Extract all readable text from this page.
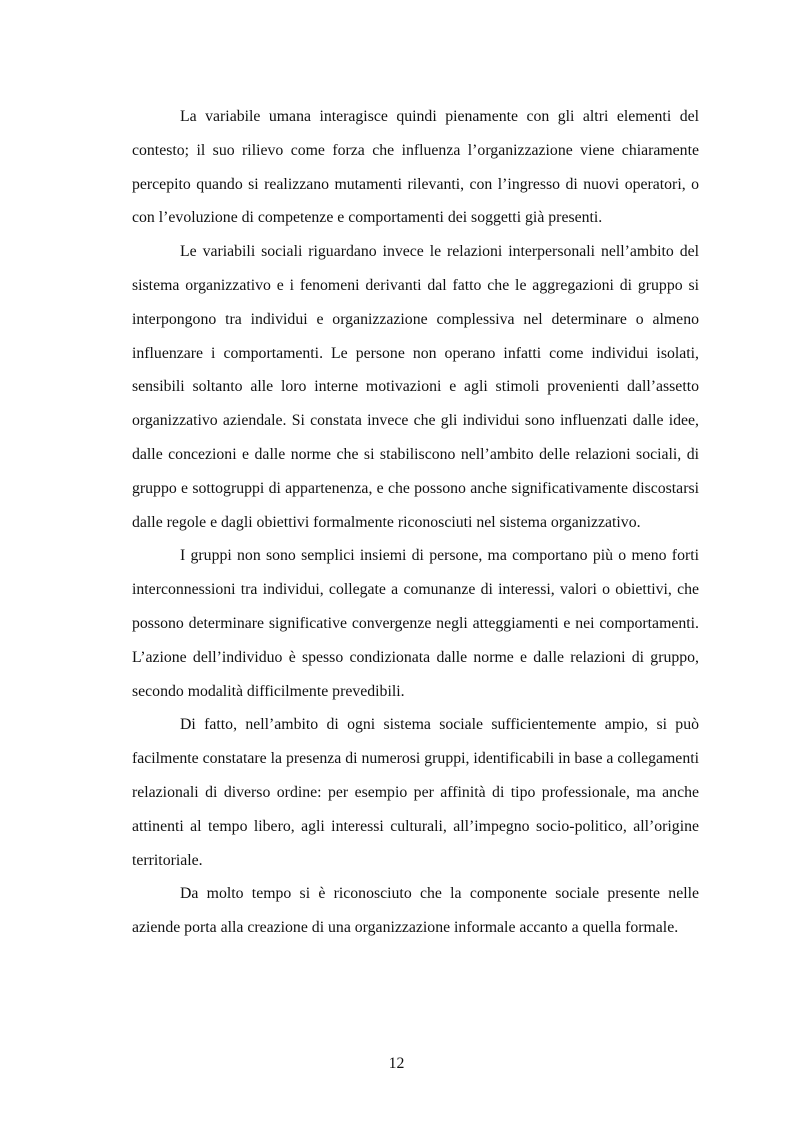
La variabile umana interagisce quindi pienamente con gli altri elementi del contesto; il suo rilievo come forza che influenza l’organizzazione viene chiaramente percepito quando si realizzano mutamenti rilevanti, con l’ingresso di nuovi operatori, o con l’evoluzione di competenze e comportamenti dei soggetti già presenti.

Le variabili sociali riguardano invece le relazioni interpersonali nell’ambito del sistema organizzativo e i fenomeni derivanti dal fatto che le aggregazioni di gruppo si interpongono tra individui e organizzazione complessiva nel determinare o almeno influenzare i comportamenti. Le persone non operano infatti come individui isolati, sensibili soltanto alle loro interne motivazioni e agli stimoli provenienti dall’assetto organizzativo aziendale. Si constata invece che gli individui sono influenzati dalle idee, dalle concezioni e dalle norme che si stabiliscono nell’ambito delle relazioni sociali, di gruppo e sottogruppi di appartenenza, e che possono anche significativamente discostarsi dalle regole e dagli obiettivi formalmente riconosciuti nel sistema organizzativo.

I gruppi non sono semplici insiemi di persone, ma comportano più o meno forti interconnessioni tra individui, collegate a comunanze di interessi, valori o obiettivi, che possono determinare significative convergenze negli atteggiamenti e nei comportamenti. L’azione dell’individuo è spesso condizionata dalle norme e dalle relazioni di gruppo, secondo modalità difficilmente prevedibili.

Di fatto, nell’ambito di ogni sistema sociale sufficientemente ampio, si può facilmente constatare la presenza di numerosi gruppi, identificabili in base a collegamenti relazionali di diverso ordine: per esempio per affinità di tipo professionale, ma anche attinenti al tempo libero, agli interessi culturali, all’impegno socio-politico, all’origine territoriale.

Da molto tempo si è riconosciuto che la componente sociale presente nelle aziende porta alla creazione di una organizzazione informale accanto a quella formale.

12
